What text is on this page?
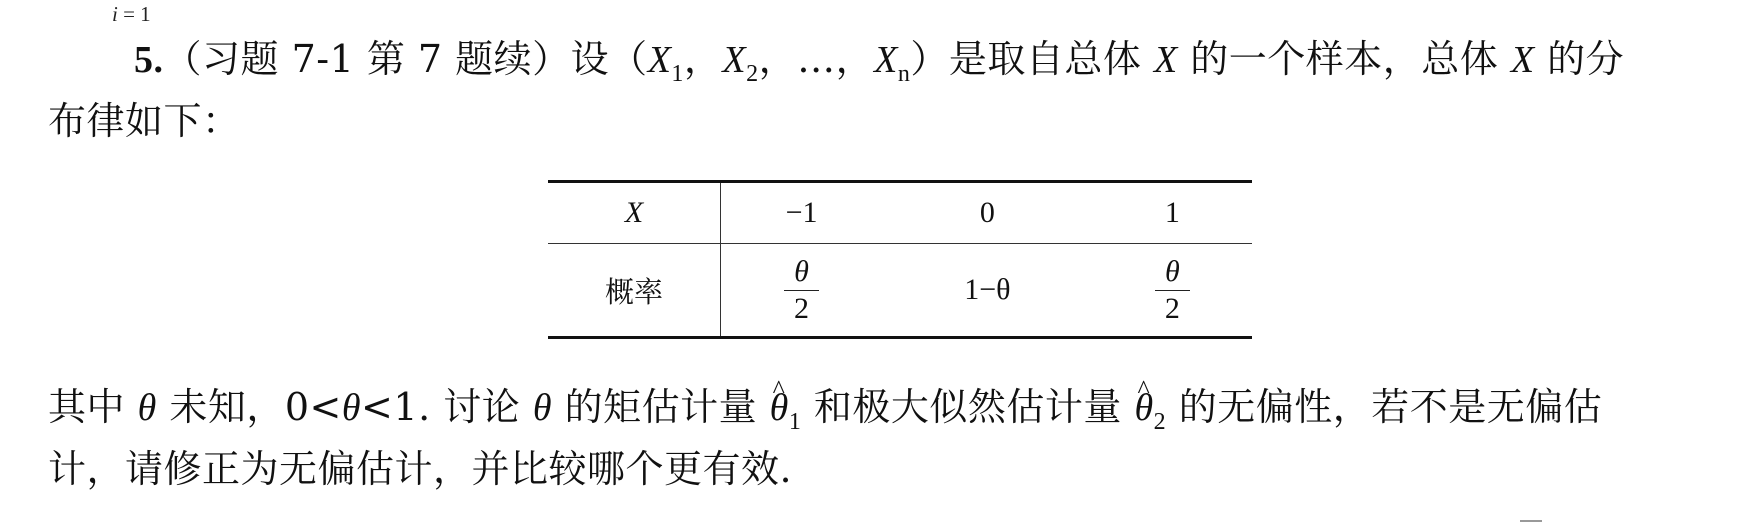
i = 1
5.（习题 7-1 第 7 题续）设（$X_1$，$X_2$，…，$X_n$）是取自总体 X 的一个样本，总体 X 的分
布律如下：
X	−1	0	1
概率	$\frac{\theta}{2}$	1−θ	$\frac{\theta}{2}$
其中 θ 未知，0<θ<1. 讨论 θ 的矩估计量 ^ $\theta_1$ 和极大似然估计量 ^ $\theta_2$ 的无偏性，若不是无偏估
计，请修正为无偏估计，并比较哪个更有效.
